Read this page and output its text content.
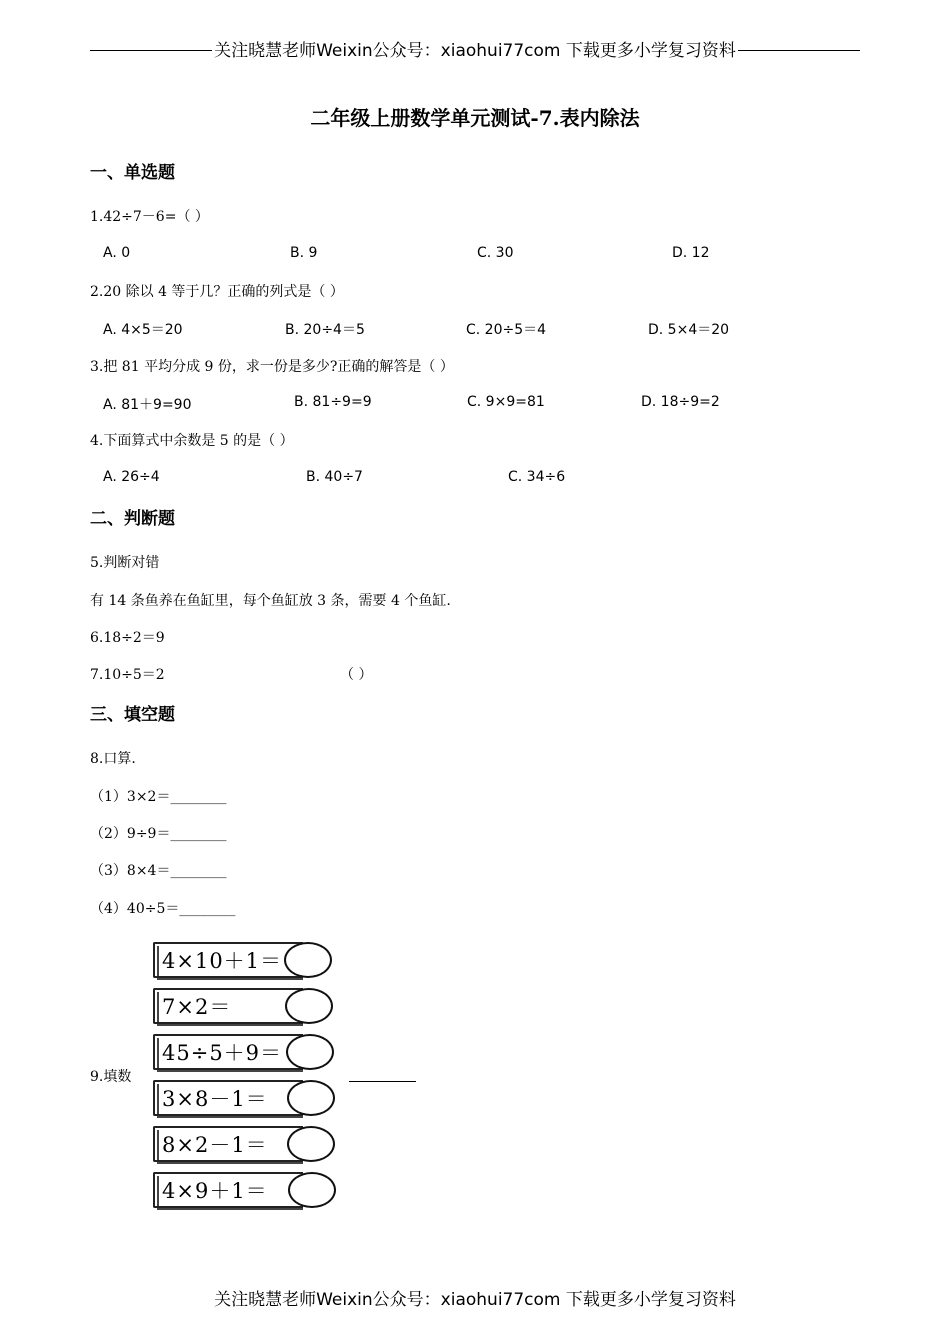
关注晓慧老师Weixin公众号：xiaohui77com 下载更多小学复习资料
二年级上册数学单元测试-7.表内除法
一、单选题
1.42÷7－6=（ ）
A. 0	B. 9	C. 30	D. 12
2.20 除以 4 等于几？正确的列式是（ ）
A. 4×5＝20	B. 20÷4＝5	C. 20÷5＝4	D. 5×4＝20
3.把 81 平均分成 9 份，求一份是多少?正确的解答是（ ）
A. 81＋9=90	B. 81÷9=9	C. 9×9=81	D. 18÷9=2
4.下面算式中余数是 5 的是（ ）
A. 26÷4	B. 40÷7	C. 34÷6
二、判断题
5.判断对错
有 14 条鱼养在鱼缸里，每个鱼缸放 3 条，需要 4 个鱼缸.
6.18÷2＝9
7.10÷5＝2	（ ）
三、填空题
8.口算.
（1）3×2＝________
（2）9÷9＝________
（3）8×4＝________
（4）40÷5＝________
9.填数
4×10＋1＝
7×2＝
45÷5＋9＝
3×8－1＝
8×2－1＝
4×9＋1＝
关注晓慧老师Weixin公众号：xiaohui77com 下载更多小学复习资料
